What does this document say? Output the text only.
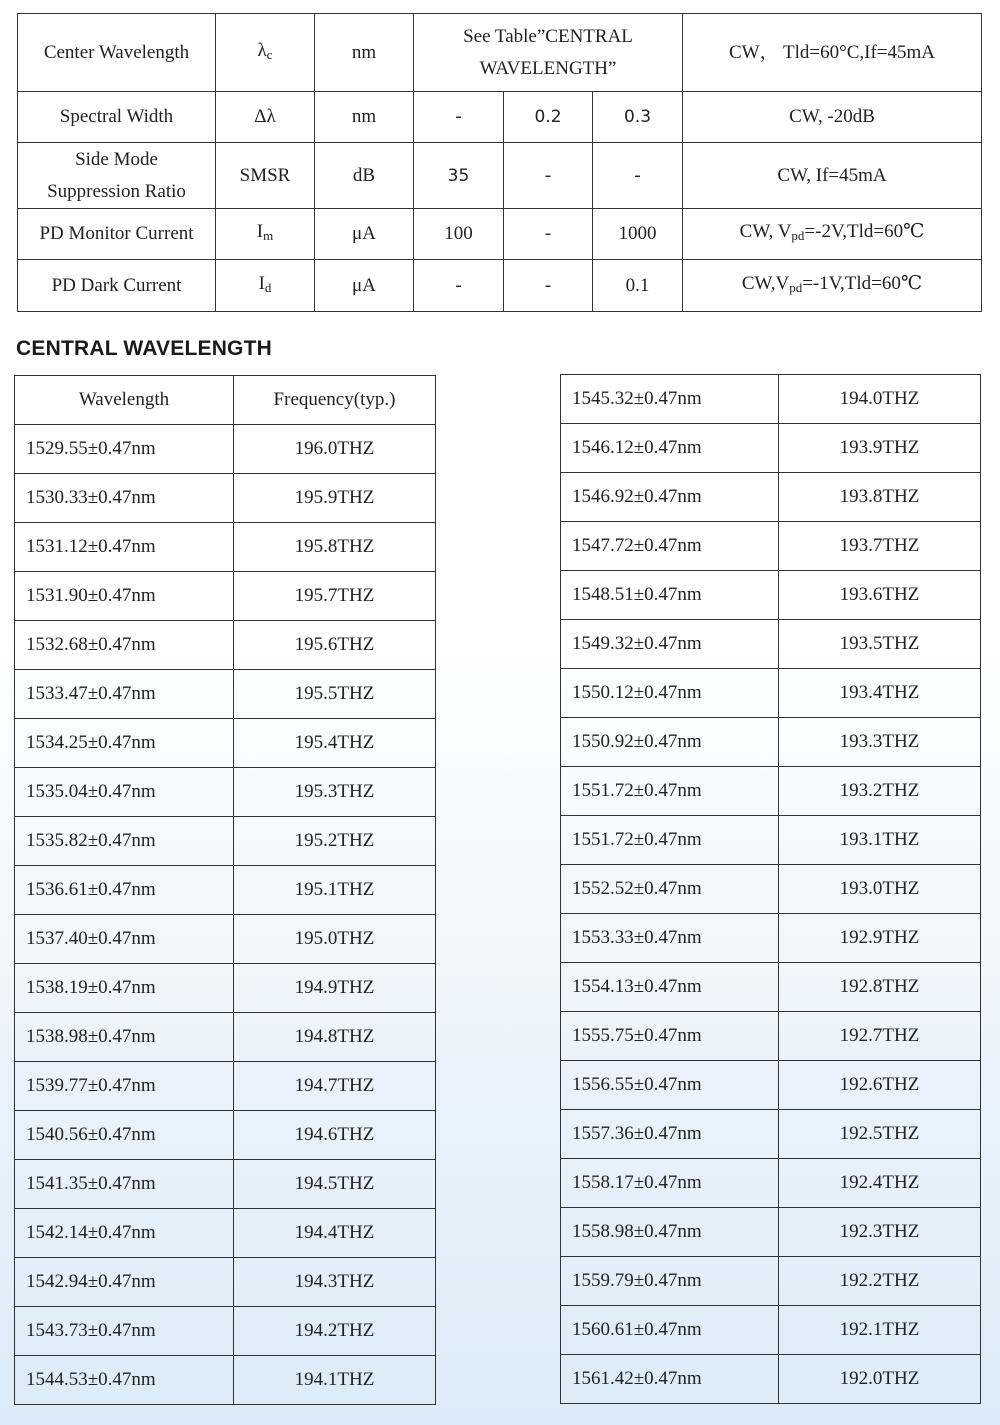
Center Wavelength	$\lambda_c$	nm	See Table”CENTRAL WAVELENGTH”			CW， Tld=60°C,If=45mA
Spectral Width	Δλ	nm	-	0.2	0.3	CW, -20dB

Side Mode
Suppression Ratio	SMSR	dB	35	-	-	CW, If=45mA
PD Monitor Current	$I_m$	μA	100	-	1000	CW, $V_{pd}=-2V,Tld=60℃$
PD Dark Current	$I_d$	μA	-	-	0.1	$CW,V_{pd}=-1V,Tld=60℃$
CENTRAL WAVELENGTH
Wavelength	Frequency(typ.)
1529.55±0.47nm	196.0THZ
1530.33±0.47nm	195.9THZ
1531.12±0.47nm	195.8THZ
1531.90±0.47nm	195.7THZ
1532.68±0.47nm	195.6THZ
1533.47±0.47nm	195.5THZ
1534.25±0.47nm	195.4THZ
1535.04±0.47nm	195.3THZ
1535.82±0.47nm	195.2THZ
1536.61±0.47nm	195.1THZ
1537.40±0.47nm	195.0THZ
1538.19±0.47nm	194.9THZ
1538.98±0.47nm	194.8THZ
1539.77±0.47nm	194.7THZ
1540.56±0.47nm	194.6THZ
1541.35±0.47nm	194.5THZ
1542.14±0.47nm	194.4THZ
1542.94±0.47nm	194.3THZ
1543.73±0.47nm	194.2THZ
1544.53±0.47nm	194.1THZ
1545.32±0.47nm	194.0THZ
1546.12±0.47nm	193.9THZ
1546.92±0.47nm	193.8THZ
1547.72±0.47nm	193.7THZ
1548.51±0.47nm	193.6THZ
1549.32±0.47nm	193.5THZ
1550.12±0.47nm	193.4THZ
1550.92±0.47nm	193.3THZ
1551.72±0.47nm	193.2THZ
1551.72±0.47nm	193.1THZ
1552.52±0.47nm	193.0THZ
1553.33±0.47nm	192.9THZ
1554.13±0.47nm	192.8THZ
1555.75±0.47nm	192.7THZ
1556.55±0.47nm	192.6THZ
1557.36±0.47nm	192.5THZ
1558.17±0.47nm	192.4THZ
1558.98±0.47nm	192.3THZ
1559.79±0.47nm	192.2THZ
1560.61±0.47nm	192.1THZ
1561.42±0.47nm	192.0THZ
